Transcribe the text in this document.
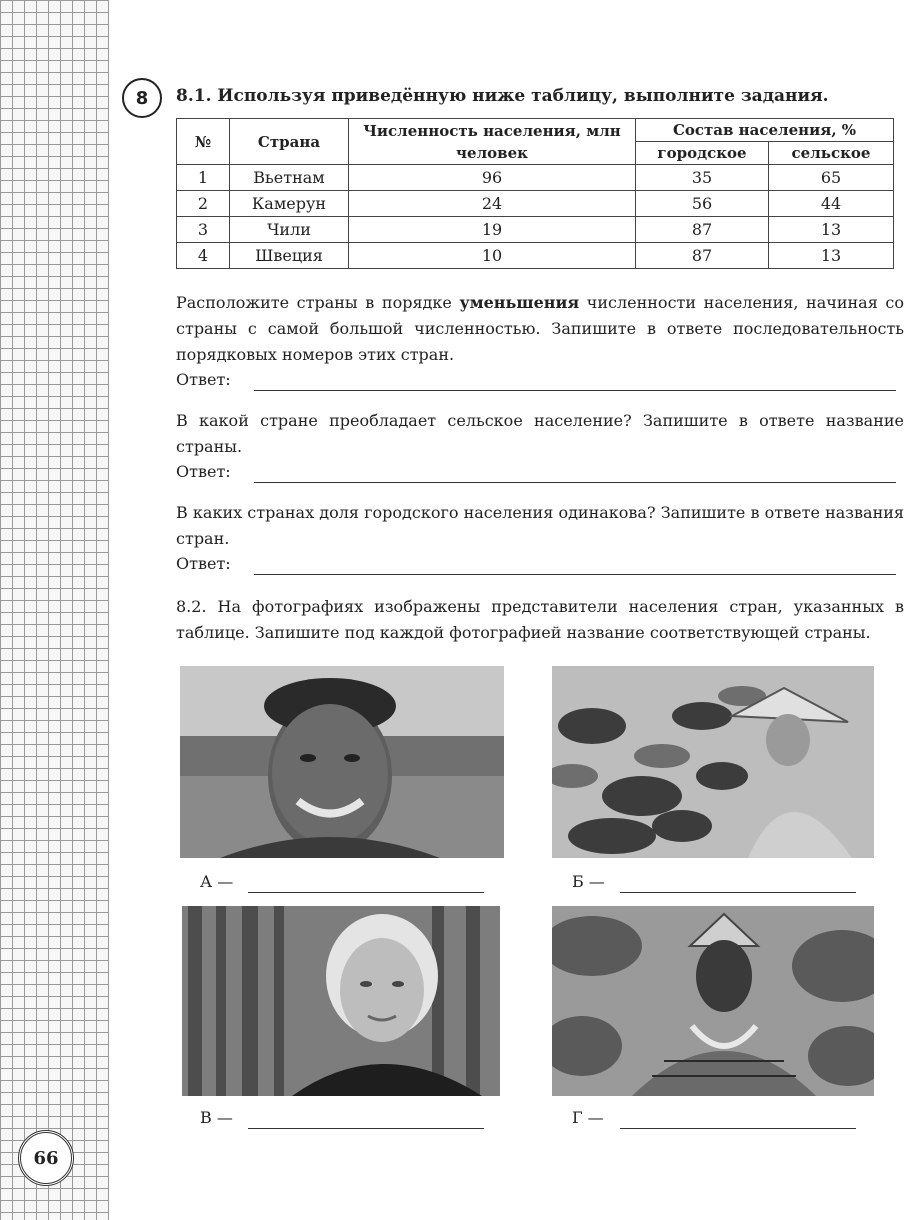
66
8	8.1. Используя приведённую ниже таблицу, выполните задания.
№	Страна	Численность населения, млн человек	Состав населения, %	
			городское	сельское
1	Вьетнам	96	35	65
2	Камерун	24	56	44
3	Чили	19	87	13
4	Швеция	10	87	13

Расположите страны в порядке уменьшения численности населения, начиная со страны с самой большой численностью. Запишите в ответе последовательность порядковых номеров этих стран.

Ответ:

В какой стране преобладает сельское население? Запишите в ответе название страны.

Ответ:

В каких странах доля городского населения одинакова? Запишите в ответе названия стран.

Ответ:

8.2. На фотографиях изображены представители населения стран, указанных в таблице. Запишите под каждой фотографией название соответствующей страны.

А —	Б —
В —	Г —
